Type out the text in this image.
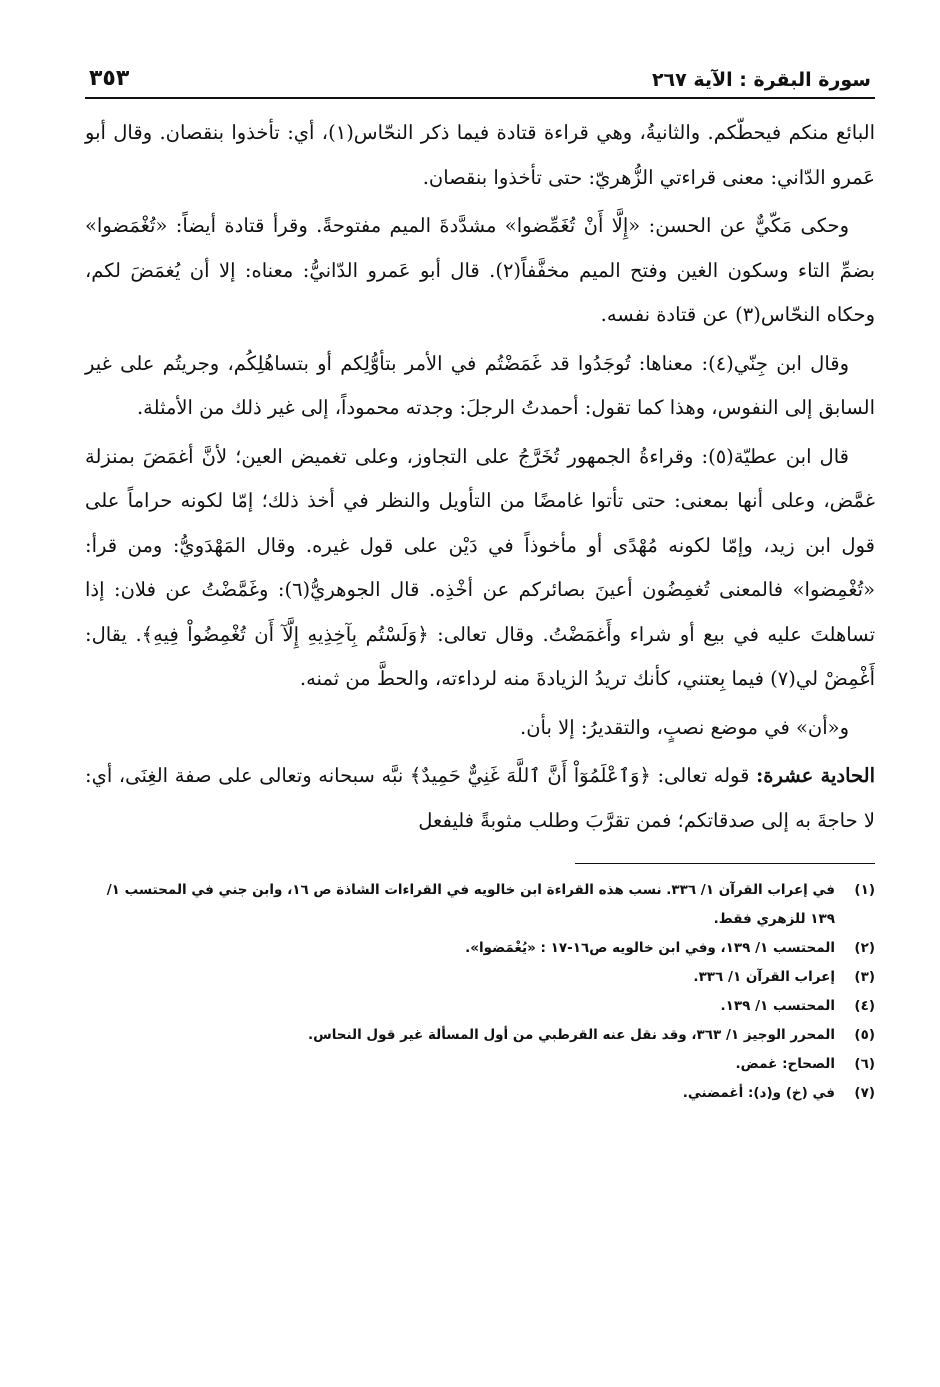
سورة البقرة : الآية ٢٦٧
٣٥٣

البائع منكم فيحطّكم. والثانيةُ، وهي قراءة قتادة فيما ذكر النحّاس(١)، أي: تأخذوا بنقصان. وقال أبو عَمرو الدّاني: معنى قراءتي الزُّهريّ: حتى تأخذوا بنقصان.

وحكى مَكّيٌّ عن الحسن: «إِلَّا أَنْ تُغَمِّضوا» مشدَّدةَ الميم مفتوحةً. وقرأ قتادة أيضاً: «تُغْمَضوا» بضمِّ التاء وسكون الغين وفتح الميم مخفَّفاً(٢). قال أبو عَمرو الدّانيُّ: معناه: إلا أن يُغمَضَ لكم، وحكاه النحّاس(٣) عن قتادة نفسه.

وقال ابن جِنّي(٤): معناها: تُوجَدُوا قد غَمَضْتُم في الأمر بتأوُّلِكم أو بتساهُلِكُم، وجريتُم على غير السابق إلى النفوس، وهذا كما تقول: أحمدتُ الرجلَ: وجدته محموداً، إلى غير ذلك من الأمثلة.

قال ابن عطيّة(٥): وقراءةُ الجمهور تُخَرَّجُ على التجاوز، وعلى تغميض العين؛ لأنَّ أغمَضَ بمنزلة غمَّض، وعلى أنها بمعنى: حتى تأتوا غامضًا من التأويل والنظر في أخذ ذلك؛ إمّا لكونه حراماً على قول ابن زيد، وإمّا لكونه مُهْدًى أو مأخوذاً في دَيْن على قول غيره. وقال المَهْدَويُّ: ومن قرأ: «تُغْمِضوا» فالمعنى تُغمِضُون أعينَ بصائركم عن أخْذِه. قال الجوهريُّ(٦): وغَمَّضْتُ عن فلان: إذا تساهلتَ عليه في بيع أو شراء وأَغمَضْتُ. وقال تعالى: ﴿وَلَسْتُم بِآخِذِيهِ إِلَّآ أَن تُغْمِضُواْ فِيهِ﴾. يقال: أَغْمِضْ لي(٧) فيما بِعتني، كأنك تريدُ الزيادةَ منه لرداءته، والحطَّ من ثمنه.

و«أن» في موضع نصبٍ، والتقديرُ: إلا بأن.

الحادية عشرة: قوله تعالى: ﴿وَٱعْلَمُوٓاْ أَنَّ ٱللَّهَ غَنِيٌّ حَمِيدٌ﴾ نبَّه سبحانه وتعالى على صفة الغِنَى، أي: لا حاجةَ به إلى صدقاتكم؛ فمن تقرَّبَ وطلب مثوبةً فليفعل

(١)
في إعراب القرآن ١/ ٣٣٦. نسب هذه القراءة ابن خالويه في القراءات الشاذة ص ١٦، وابن جني في المحتسب ١/ ١٣٩ للزهري فقط.
(٢)
المحتسب ١/ ١٣٩، وفي ابن خالويه ص١٦-١٧ : «يُغْمَضوا».
(٣)
إعراب القرآن ١/ ٣٣٦.
(٤)
المحتسب ١/ ١٣٩.
(٥)
المحرر الوجيز ١/ ٣٦٣، وقد نقل عنه القرطبي من أول المسألة غير قول النحاس.
(٦)
الصحاح: غمض.
(٧)
في (خ) و(د): أغمضني.
